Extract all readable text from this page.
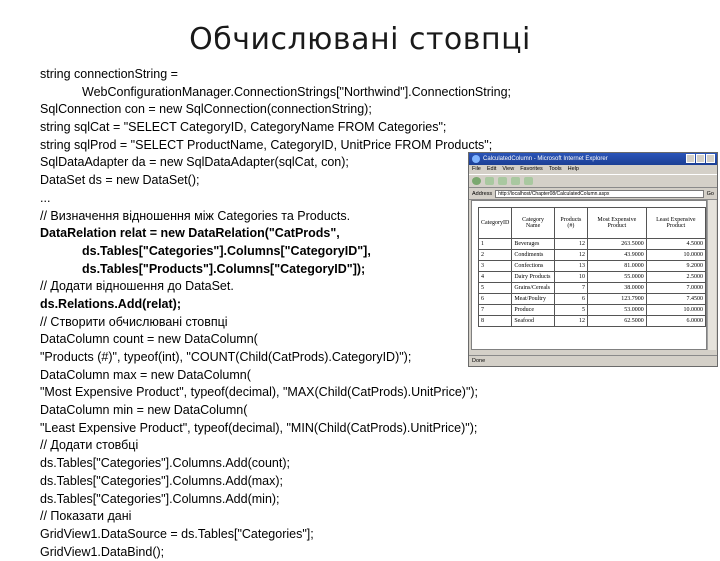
Обчислювані стовпці
string connectionString =
WebConfigurationManager.ConnectionStrings["Northwind"].ConnectionString;
SqlConnection con = new SqlConnection(connectionString);
string sqlCat = "SELECT CategoryID, CategoryName FROM Categories";
string sqlProd = "SELECT ProductName, CategoryID, UnitPrice FROM Products";
SqlDataAdapter da = new SqlDataAdapter(sqlCat, con);
DataSet ds = new DataSet();
...
// Визначення відношення між Categories та Products.
DataRelation relat = new DataRelation("CatProds",
ds.Tables["Categories"].Columns["CategoryID"],
ds.Tables["Products"].Columns["CategoryID"]);
// Додати відношення до DataSet.
ds.Relations.Add(relat);
// Створити обчислювані стовпці
DataColumn count = new DataColumn(
"Products (#)", typeof(int), "COUNT(Child(CatProds).CategoryID)");
DataColumn max = new DataColumn(
"Most Expensive Product", typeof(decimal), "MAX(Child(CatProds).UnitPrice)");
DataColumn min = new DataColumn(
"Least Expensive Product", typeof(decimal), "MIN(Child(CatProds).UnitPrice)");
// Додати стовбці
ds.Tables["Categories"].Columns.Add(count);
ds.Tables["Categories"].Columns.Add(max);
ds.Tables["Categories"].Columns.Add(min);
// Показати дані
GridView1.DataSource = ds.Tables["Categories"];
GridView1.DataBind();
CalculatedColumn - Microsoft Internet Explorer
File Edit View Favorites Tools Help
Address	http://localhost/Chapter08/CalculatedColumn.aspx	Go
CategoryID	Category Name	Products (#)	Most Expensive Product	Least Expensive Product
1	Beverages	12	263.5000	4.5000
2	Condiments	12	43.9000	10.0000
3	Confections	13	81.0000	9.2000
4	Dairy Products	10	55.0000	2.5000
5	Grains/Cereals	7	38.0000	7.0000
6	Meat/Poultry	6	123.7900	7.4500
7	Produce	5	53.0000	10.0000
8	Seafood	12	62.5000	6.0000
Done
